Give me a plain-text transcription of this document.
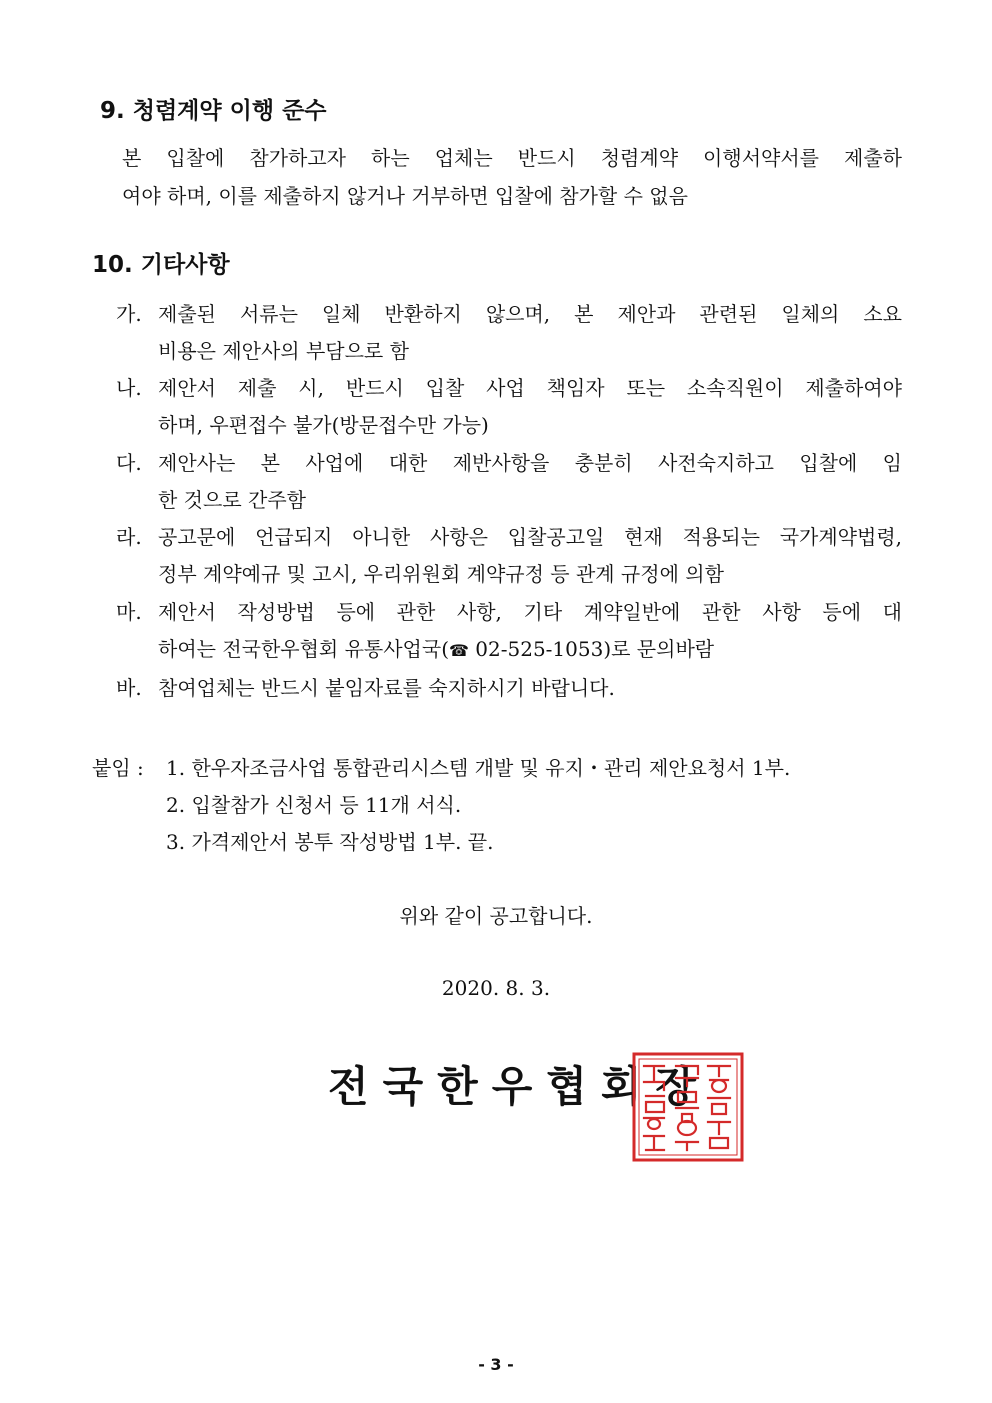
9. 청렴계약 이행 준수
본 입찰에 참가하고자 하는 업체는 반드시 청렴계약 이행서약서를 제출하
여야 하며, 이를 제출하지 않거나 거부하면 입찰에 참가할 수 없음
10. 기타사항
가. 제출된 서류는 일체 반환하지 않으며, 본 제안과 관련된 일체의 소요
비용은 제안사의 부담으로 함
나. 제안서 제출 시, 반드시 입찰 사업 책임자 또는 소속직원이 제출하여야
하며, 우편접수 불가(방문접수만 가능)
다. 제안사는 본 사업에 대한 제반사항을 충분히 사전숙지하고 입찰에 임
한 것으로 간주함
라. 공고문에 언급되지 아니한 사항은 입찰공고일 현재 적용되는 국가계약법령,
정부 계약예규 및 고시, 우리위원회 계약규정 등 관계 규정에 의함
마. 제안서 작성방법 등에 관한 사항, 기타 계약일반에 관한 사항 등에 대
하여는 전국한우협회 유통사업국(☎ 02-525-1053)로 문의바람
바. 참여업체는 반드시 붙임자료를 숙지하시기 바랍니다.
붙임 : 1. 한우자조금사업 통합관리시스템 개발 및 유지・관리 제안요청서 1부.
2. 입찰참가 신청서 등 11개 서식.
3. 가격제안서 봉투 작성방법 1부. 끝.
위와 같이 공고합니다.
2020. 8. 3.
전국한우협회장
- 3 -
